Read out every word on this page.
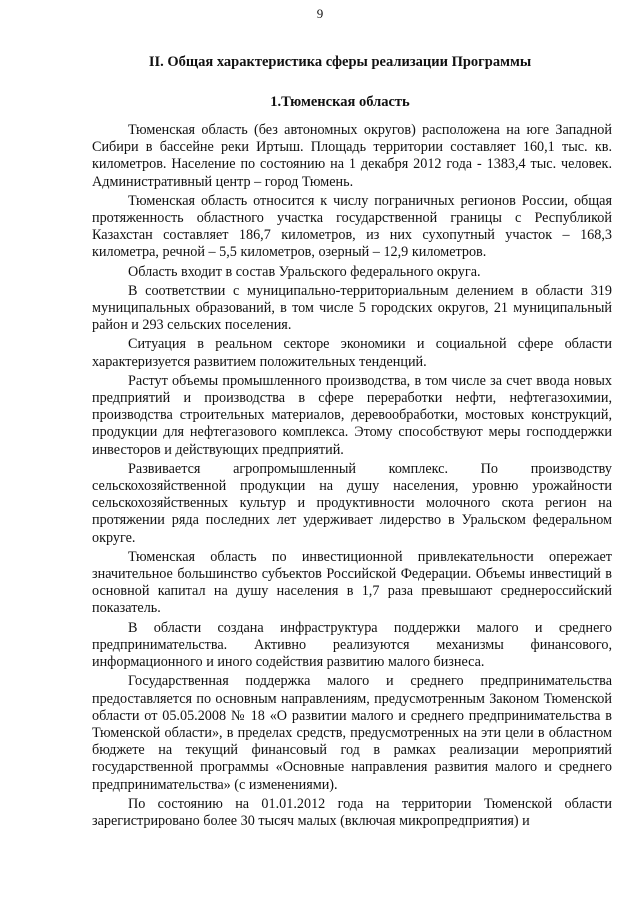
9
II. Общая характеристика сферы реализации Программы
1.Тюменская область

Тюменская область (без автономных округов) расположена на юге Западной Сибири в бассейне реки Иртыш. Площадь территории составляет 160,1 тыс. кв. километров. Население по состоянию на 1 декабря 2012 года - 1383,4 тыс. человек. Административный центр – город Тюмень.

Тюменская область относится к числу пограничных регионов России, общая протяженность областного участка государственной границы с Республикой Казахстан составляет 186,7 километров, из них сухопутный участок – 168,3 километра, речной – 5,5 километров, озерный – 12,9 километров.

Область входит в состав Уральского федерального округа.

В соответствии с муниципально-территориальным делением в области 319 муниципальных образований, в том числе 5 городских округов, 21 муниципальный район и 293 сельских поселения.

Ситуация в реальном секторе экономики и социальной сфере области характеризуется развитием положительных тенденций.

Растут объемы промышленного производства, в том числе за счет ввода новых предприятий и производства в сфере переработки нефти, нефтегазохимии, производства строительных материалов, деревообработки, мостовых конструкций, продукции для нефтегазового комплекса. Этому способствуют меры господдержки инвесторов и действующих предприятий.

Развивается агропромышленный комплекс. По производству сельскохозяйственной продукции на душу населения, уровню урожайности сельскохозяйственных культур и продуктивности молочного скота регион на протяжении ряда последних лет удерживает лидерство в Уральском федеральном округе.

Тюменская область по инвестиционной привлекательности опережает значительное большинство субъектов Российской Федерации. Объемы инвестиций в основной капитал на душу населения в 1,7 раза превышают среднероссийский показатель.

В области создана инфраструктура поддержки малого и среднего предпринимательства. Активно реализуются механизмы финансового, информационного и иного содействия развитию малого бизнеса.

Государственная поддержка малого и среднего предпринимательства предоставляется по основным направлениям, предусмотренным Законом Тюменской области от 05.05.2008 № 18 «О развитии малого и среднего предпринимательства в Тюменской области», в пределах средств, предусмотренных на эти цели в областном бюджете на текущий финансовый год в рамках реализации мероприятий государственной программы «Основные направления развития малого и среднего предпринимательства» (с изменениями).

По состоянию на 01.01.2012 года на территории Тюменской области зарегистрировано более 30 тысяч малых (включая микропредприятия) и
